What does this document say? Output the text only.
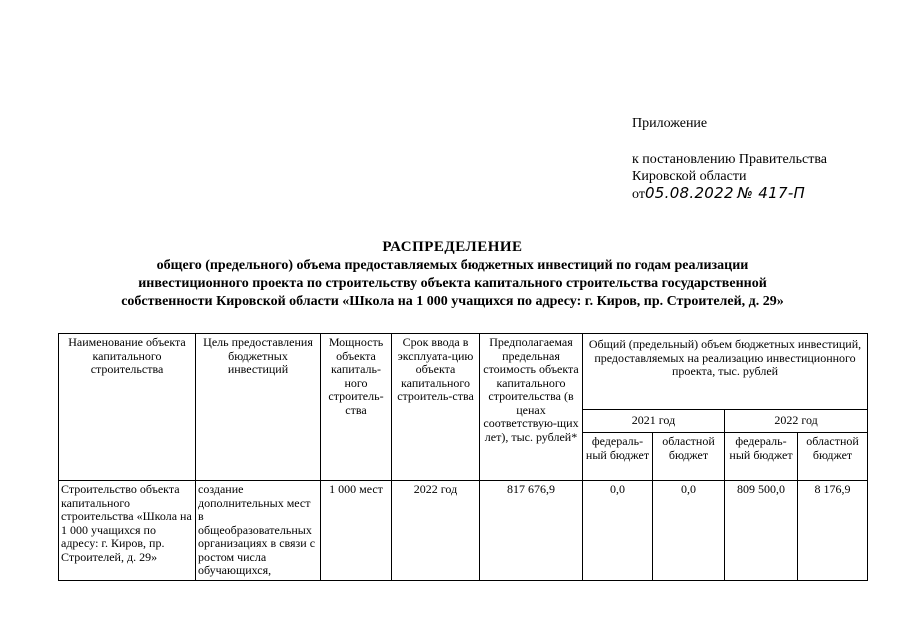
Приложение
к постановлению Правительства
Кировской области
от05.08.2022 № 417-П
РАСПРЕДЕЛЕНИЕ
общего (предельного) объема предоставляемых бюджетных инвестиций по годам реализации
инвестиционного проекта по строительству объекта капитального строительства государственной
собственности Кировской области «Школа на 1 000 учащихся по адресу: г. Киров, пр. Строителей, д. 29»
Наименование объекта капитального строительства	Цель предоставления бюджетных инвестиций	Мощность объекта капиталь-ного строитель-ства	Срок ввода в эксплуата-цию объекта капитального строитель-ства	Предполагаемая предельная стоимость объекта капитального строительства (в ценах соответствую-щих лет), тыс. рублей*	Общий (предельный) объем бюджетных инвестиций, предоставляемых на реализацию инвестиционного проекта, тыс. рублей			
					2021 год		2022 год	
					федераль-ный бюджет	областной бюджет	федераль-ный бюджет	областной бюджет
Строительство объекта капитального строительства «Школа на 1 000 учащихся по адресу: г. Киров, пр. Строителей, д. 29»	создание дополнительных мест в общеобразовательных организациях в связи с ростом числа обучающихся,	1 000 мест	2022 год	817 676,9	0,0	0,0	809 500,0	8 176,9
